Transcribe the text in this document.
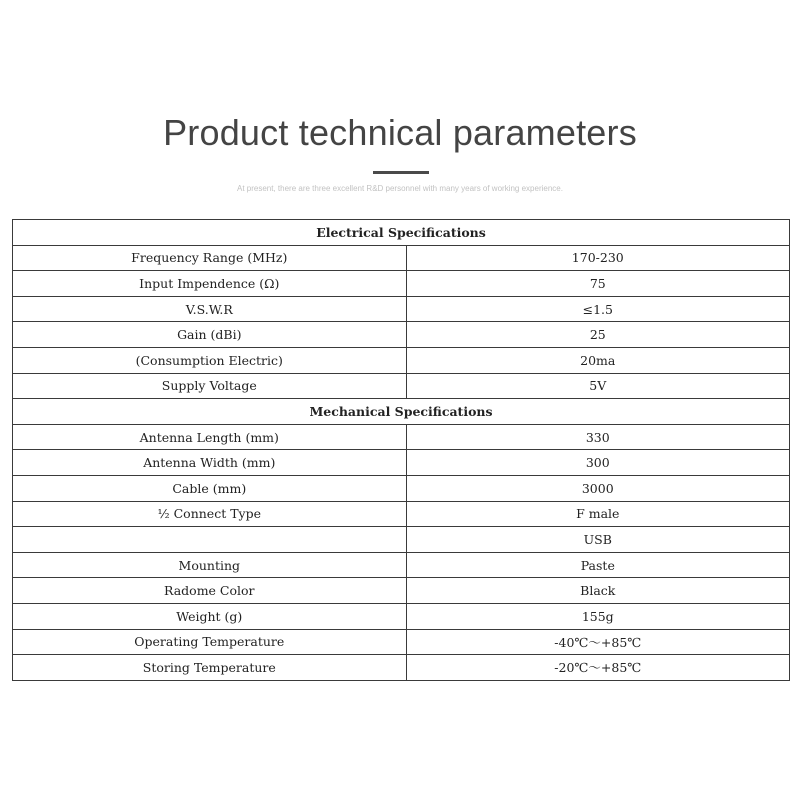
Product technical parameters
At present, there are three excellent R&D personnel with many years of working experience.
Electrical Specifications	
Frequency Range (MHz)	170-230
Input Impendence (Ω)	75
V.S.W.R	≤1.5
Gain (dBi)	25
(Consumption Electric)	20ma
Supply Voltage	5V
Mechanical Specifications	
Antenna Length (mm)	330
Antenna Width (mm)	300
Cable (mm)	3000
½ Connect Type	F male
	USB
Mounting	Paste
Radome Color	Black
Weight (g)	155g
Operating Temperature	-40℃～+85℃
Storing Temperature	-20℃～+85℃
